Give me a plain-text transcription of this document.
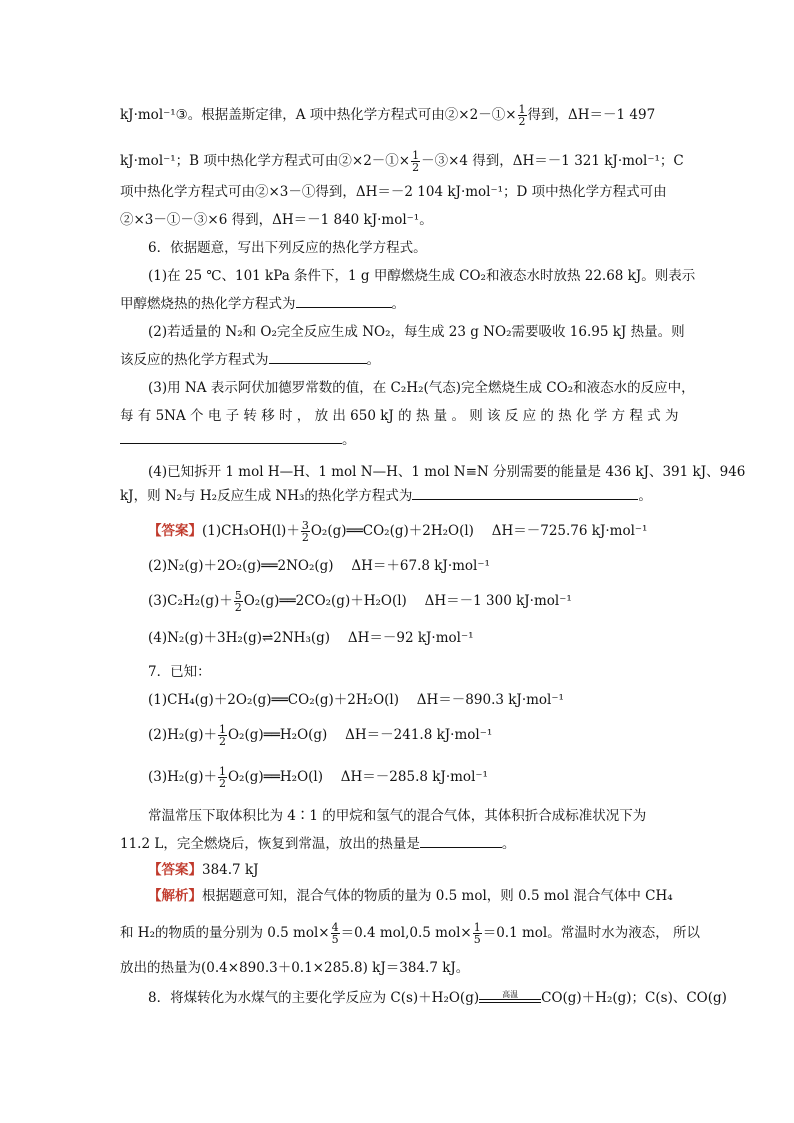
kJ·mol⁻¹③。根据盖斯定律，A 项中热化学方程式可由②×2－①× $\frac{1}{2}$ 得到，ΔH＝－1 497
kJ·mol⁻¹；B 项中热化学方程式可由②×2－①× $\frac{1}{2}$ －③×4 得到，ΔH＝－1 321 kJ·mol⁻¹；C
项中热化学方程式可由②×3－①得到，ΔH＝－2 104 kJ·mol⁻¹；D 项中热化学方程式可由
②×3－①－③×6 得到，ΔH＝－1 840 kJ·mol⁻¹。
6．依据题意，写出下列反应的热化学方程式。
(1)在 25 ℃、101 kPa 条件下，1 g 甲醇燃烧生成 CO₂和液态水时放热 22.68 kJ。则表示
甲醇燃烧热的热化学方程式为	。
(2)若适量的 N₂和 O₂完全反应生成 NO₂，每生成 23 g NO₂需要吸收 16.95 kJ 热量。则
该反应的热化学方程式为	。
(3)用 NA 表示阿伏加德罗常数的值，在 C₂H₂(气态)完全燃烧生成 CO₂和液态水的反应中，
每 有 5NA 个 电 子 转 移 时 ， 放 出 650 kJ 的 热 量 。 则 该 反 应 的 热 化 学 方 程 式 为
。
(4)已知拆开 1 mol H—H、1 mol N—H、1 mol N≡N 分别需要的能量是 436 kJ、391 kJ、946
kJ，则 N₂与 H₂反应生成 NH₃的热化学方程式为	。
【答案】$(1)CH_3OH(l)+ \frac{3}{2}$ O₂(g)══CO₂(g)＋2H₂O(l)　 ΔH＝－725.76 kJ·mol⁻¹
(2)N₂(g)＋2O₂(g)══2NO₂(g)　 ΔH＝＋67.8 kJ·mol⁻¹
$(3)C_2H_2(g)+ \frac{5}{2}$ O₂(g)══2CO₂(g)＋H₂O(l)　 ΔH＝－1 300 kJ·mol⁻¹
(4)N₂(g)＋3H₂(g)⇌2NH₃(g)　 ΔH＝－92 kJ·mol⁻¹
7．已知：
(1)CH₄(g)＋2O₂(g)══CO₂(g)＋2H₂O(l)　 ΔH＝－890.3 kJ·mol⁻¹
$(2)H_2(g)+ \frac{1}{2}$ O₂(g)══H₂O(g)　 ΔH＝－241.8 kJ·mol⁻¹
$(3)H_2(g)+ \frac{1}{2}$ O₂(g)══H₂O(l)　 ΔH＝－285.8 kJ·mol⁻¹
常温常压下取体积比为 4∶1 的甲烷和氢气的混合气体，其体积折合成标准状况下为
11.2 L，完全燃烧后，恢复到常温，放出的热量是	。
【答案】384.7 kJ
【解析】根据题意可知，混合气体的物质的量为 0.5 mol，则 0.5 mol 混合气体中 CH₄
和 H₂的物质的量分别为 0.5 $mol\times \frac{4}{5} =0.4$ mol,0.5 $mol\times \frac{1}{5} =0.1$ mol。常温时水为液态， 所以
放出的热量为(0.4×890.3＋0.1×285.8) kJ＝384.7 kJ。
8．将煤转化为水煤气的主要化学反应为 C(s)＋H₂O(g)	高温	CO(g)＋H₂(g)；C(s)、CO(g)
